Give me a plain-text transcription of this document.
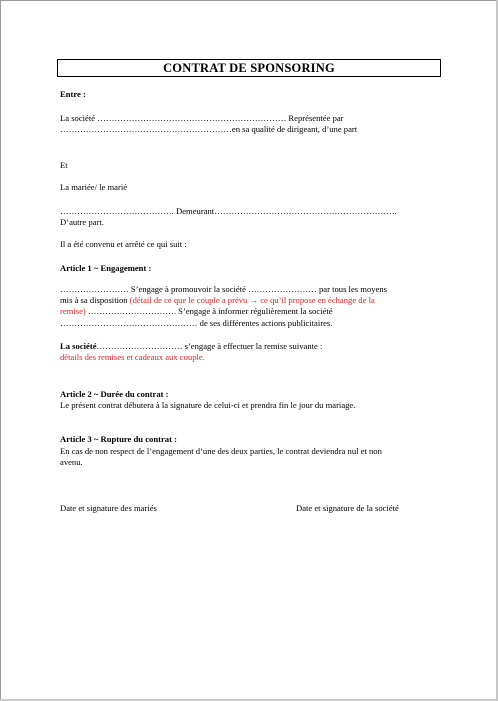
CONTRAT DE SPONSORING
Entre :
La société ………………………………………………………… Représentée par
……………………………………………………en sa qualité de dirigeant, d’une part
Et
La mariée/ le marié
…………………………………. Demeurant……………………………………………………….
D’autre part.
Il a été convenu et arrêté ce qui suit :
Article 1 ~ Engagement :
…………………… S’engage à promouvoir la société …………………… par tous les moyens
mis à sa disposition (détail de ce que le couple a prévu → ce qu’il propose en échange de la
remise) …………………………. S’engage à informer régulièrement la société
………………………………………… de ses différentes actions publicitaires.
La société………………………… s’engage à effectuer la remise suivante :
détails des remises et cadeaux aux couple.
Article 2 ~ Durée du contrat :
Le présent contrat débutera à la signature de celui-ci et prendra fin le jour du mariage.
Article 3 ~ Rupture du contrat :
En cas de non respect de l’engagement d’une des deux parties, le contrat deviendra nul et non
avenu.
Date et signature des mariés	Date et signature de la société
